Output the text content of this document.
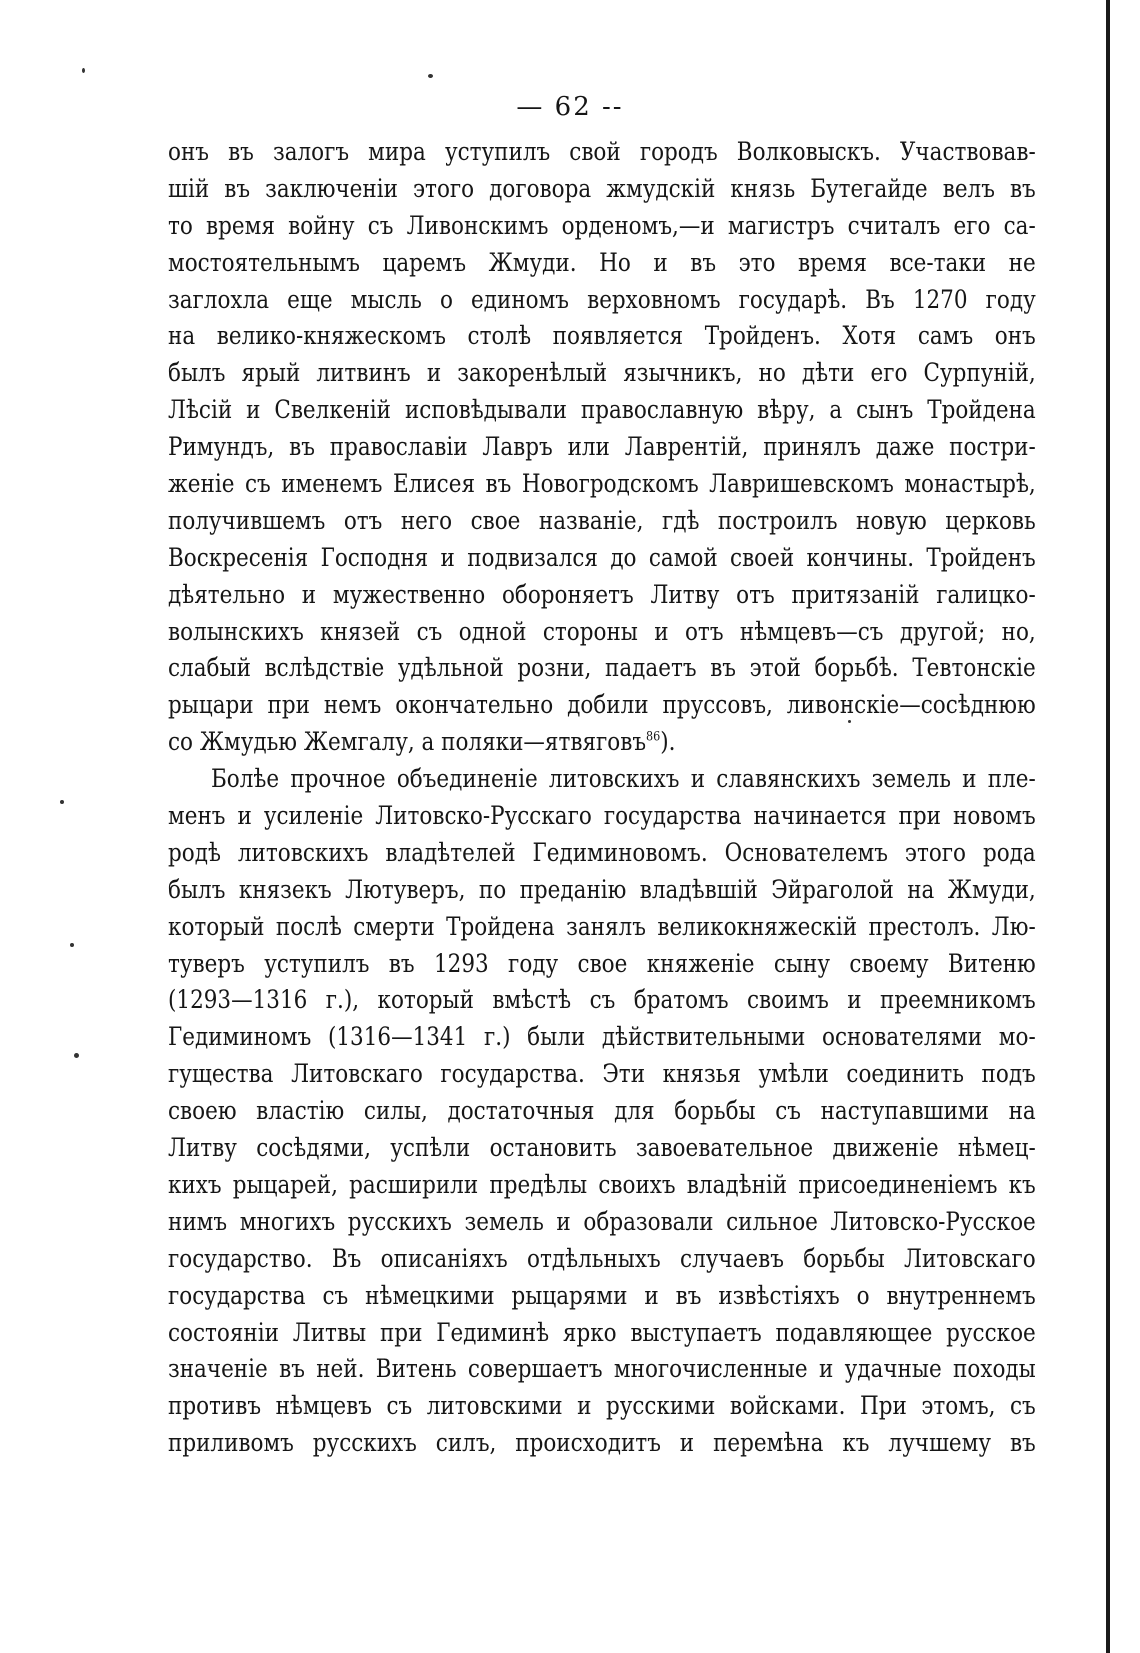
— 62 --
онъ въ залогъ мира уступилъ свой городъ Волковыскъ. Участвовав-
шій въ заключеніи этого договора жмудскій князь Бутегайде велъ въ
то время войну съ Ливонскимъ орденомъ,—и магистръ считалъ его са-
мостоятельнымъ царемъ Жмуди. Но и въ это время все-таки не
заглохла еще мысль о единомъ верховномъ государѣ. Въ 1270 году
на велико-княжескомъ столѣ появляется Тройденъ. Хотя самъ онъ
былъ ярый литвинъ и закоренѣлый язычникъ, но дѣти его Сурпуній,
Лѣсій и Свелкеній исповѣдывали православную вѣру, а сынъ Тройдена
Римундъ, въ православіи Лавръ или Лаврентій, принялъ даже постри-
женіе съ именемъ Елисея въ Новогродскомъ Лавришевскомъ монастырѣ,
получившемъ отъ него свое названіе, гдѣ построилъ новую церковь
Воскресенія Господня и подвизался до самой своей кончины. Тройденъ
дѣятельно и мужественно обороняетъ Литву отъ притязаній галицко-
волынскихъ князей съ одной стороны и отъ нѣмцевъ—съ другой; но,
слабый вслѣдствіе удѣльной розни, падаетъ въ этой борьбѣ. Тевтонскіе
рыцари при немъ окончательно добили пруссовъ, ливонскіе—сосѣднюю
со Жмудью Жемгалу, а поляки—ятвяговъ$^{86}$).
Болѣе прочное объединеніе литовскихъ и славянскихъ земель и пле-
менъ и усиленіе Литовско-Русскаго государства начинается при новомъ
родѣ литовскихъ владѣтелей Гедиминовомъ. Основателемъ этого рода
былъ князекъ Лютуверъ, по преданію владѣвшій Эйраголой на Жмуди,
который послѣ смерти Тройдена занялъ великокняжескій престолъ. Лю-
туверъ уступилъ въ 1293 году свое княженіе сыну своему Витеню
(1293—1316 г.), который вмѣстѣ съ братомъ своимъ и преемникомъ
Гедиминомъ (1316—1341 г.) были дѣйствительными основателями мо-
гущества Литовскаго государства. Эти князья умѣли соединить подъ
своею властію силы, достаточныя для борьбы съ наступавшими на
Литву сосѣдями, успѣли остановить завоевательное движеніе нѣмец-
кихъ рыцарей, расширили предѣлы своихъ владѣній присоединеніемъ къ
нимъ многихъ русскихъ земель и образовали сильное Литовско-Русское
государство. Въ описаніяхъ отдѣльныхъ случаевъ борьбы Литовскаго
государства съ нѣмецкими рыцарями и въ извѣстіяхъ о внутреннемъ
состояніи Литвы при Гедиминѣ ярко выступаетъ подавляющее русское
значеніе въ ней. Витень совершаетъ многочисленные и удачные походы
противъ нѣмцевъ съ литовскими и русскими войсками. При этомъ, съ
приливомъ русскихъ силъ, происходитъ и перемѣна къ лучшему въ
